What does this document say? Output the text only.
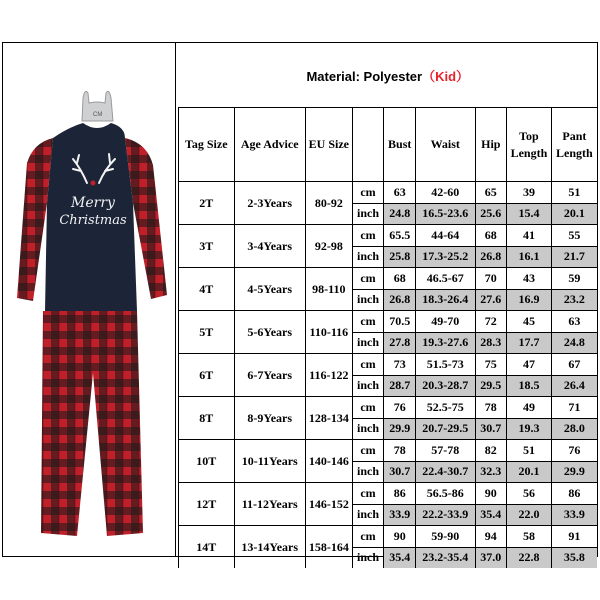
CM
Merry
Christmas
Material: Polyester（Kid）								
Tag Size	Age Advice	EU Size		Bust	Waist	Hip	Top Length	Pant Length
2T	2-3Years	80-92	cm	63	42-60	65	39	51
			inch	24.8	16.5-23.6	25.6	15.4	20.1
3T	3-4Years	92-98	cm	65.5	44-64	68	41	55
			inch	25.8	17.3-25.2	26.8	16.1	21.7
4T	4-5Years	98-110	cm	68	46.5-67	70	43	59
			inch	26.8	18.3-26.4	27.6	16.9	23.2
5T	5-6Years	110-116	cm	70.5	49-70	72	45	63
			inch	27.8	19.3-27.6	28.3	17.7	24.8
6T	6-7Years	116-122	cm	73	51.5-73	75	47	67
			inch	28.7	20.3-28.7	29.5	18.5	26.4
8T	8-9Years	128-134	cm	76	52.5-75	78	49	71
			inch	29.9	20.7-29.5	30.7	19.3	28.0
10T	10-11Years	140-146	cm	78	57-78	82	51	76
			inch	30.7	22.4-30.7	32.3	20.1	29.9
12T	11-12Years	146-152	cm	86	56.5-86	90	56	86
			inch	33.9	22.2-33.9	35.4	22.0	33.9
14T	13-14Years	158-164	cm	90	59-90	94	58	91
			inch	35.4	23.2-35.4	37.0	22.8	35.8
